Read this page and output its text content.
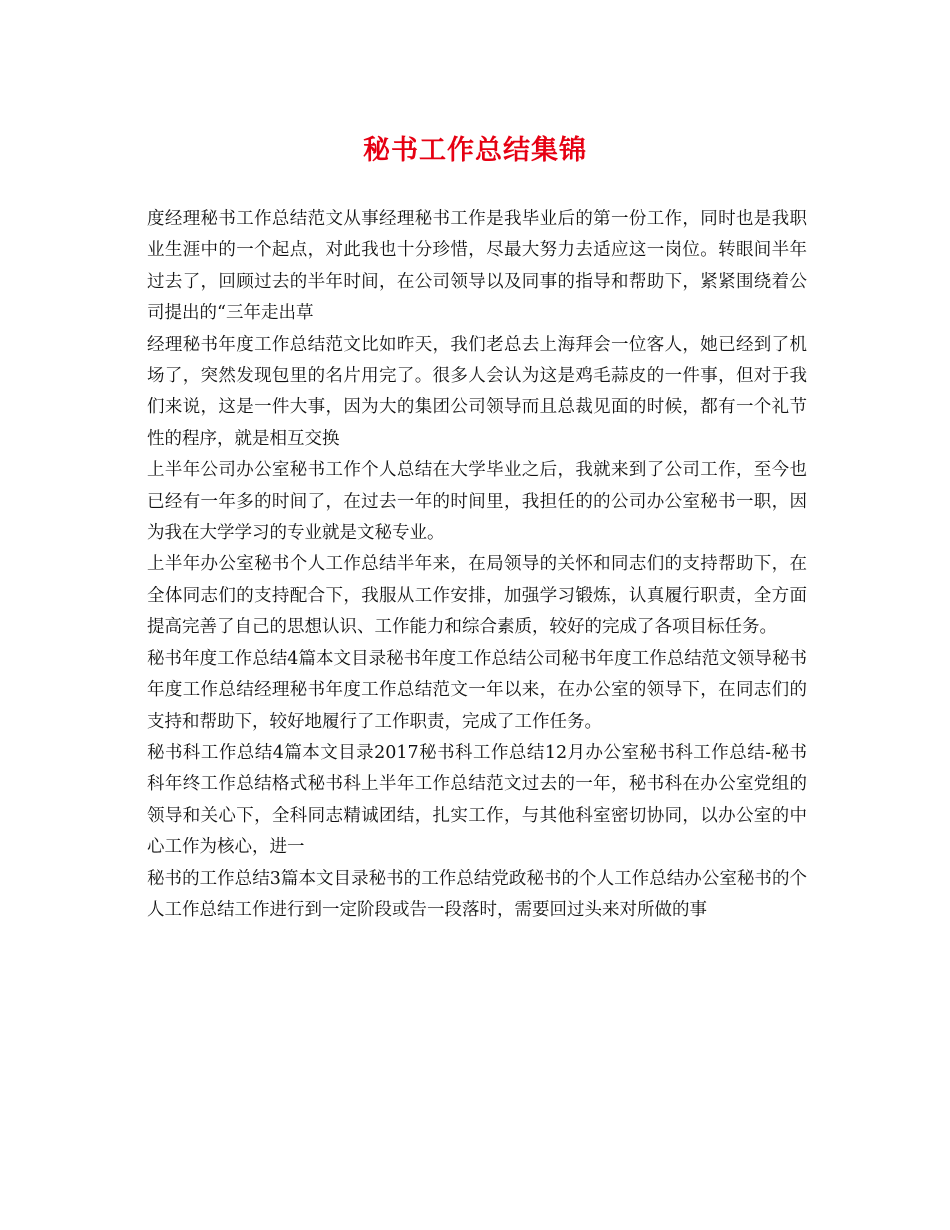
秘书工作总结集锦

度经理秘书工作总结范文从事经理秘书工作是我毕业后的第一份工作，同时也是我职业生涯中的一个起点，对此我也十分珍惜，尽最大努力去适应这一岗位。转眼间半年过去了，回顾过去的半年时间，在公司领导以及同事的指导和帮助下，紧紧围绕着公司提出的“三年走出草

经理秘书年度工作总结范文比如昨天，我们老总去上海拜会一位客人，她已经到了机场了，突然发现包里的名片用完了。很多人会认为这是鸡毛蒜皮的一件事，但对于我们来说，这是一件大事，因为大的集团公司领导而且总裁见面的时候，都有一个礼节性的程序，就是相互交换

上半年公司办公室秘书工作个人总结在大学毕业之后，我就来到了公司工作，至今也已经有一年多的时间了，在过去一年的时间里，我担任的的公司办公室秘书一职，因为我在大学学习的专业就是文秘专业。

上半年办公室秘书个人工作总结半年来，在局领导的关怀和同志们的支持帮助下，在全体同志们的支持配合下，我服从工作安排，加强学习锻炼，认真履行职责，全方面提高完善了自己的思想认识、工作能力和综合素质，较好的完成了各项目标任务。

秘书年度工作总结4篇本文目录秘书年度工作总结公司秘书年度工作总结范文领导秘书年度工作总结经理秘书年度工作总结范文一年以来，在办公室的领导下，在同志们的支持和帮助下，较好地履行了工作职责，完成了工作任务。

秘书科工作总结4篇本文目录2017秘书科工作总结12月办公室秘书科工作总结-秘书科年终工作总结格式秘书科上半年工作总结范文过去的一年，秘书科在办公室党组的领导和关心下，全科同志精诚团结，扎实工作，与其他科室密切协同，以办公室的中心工作为核心，进一

秘书的工作总结3篇本文目录秘书的工作总结党政秘书的个人工作总结办公室秘书的个人工作总结工作进行到一定阶段或告一段落时，需要回过头来对所做的事
